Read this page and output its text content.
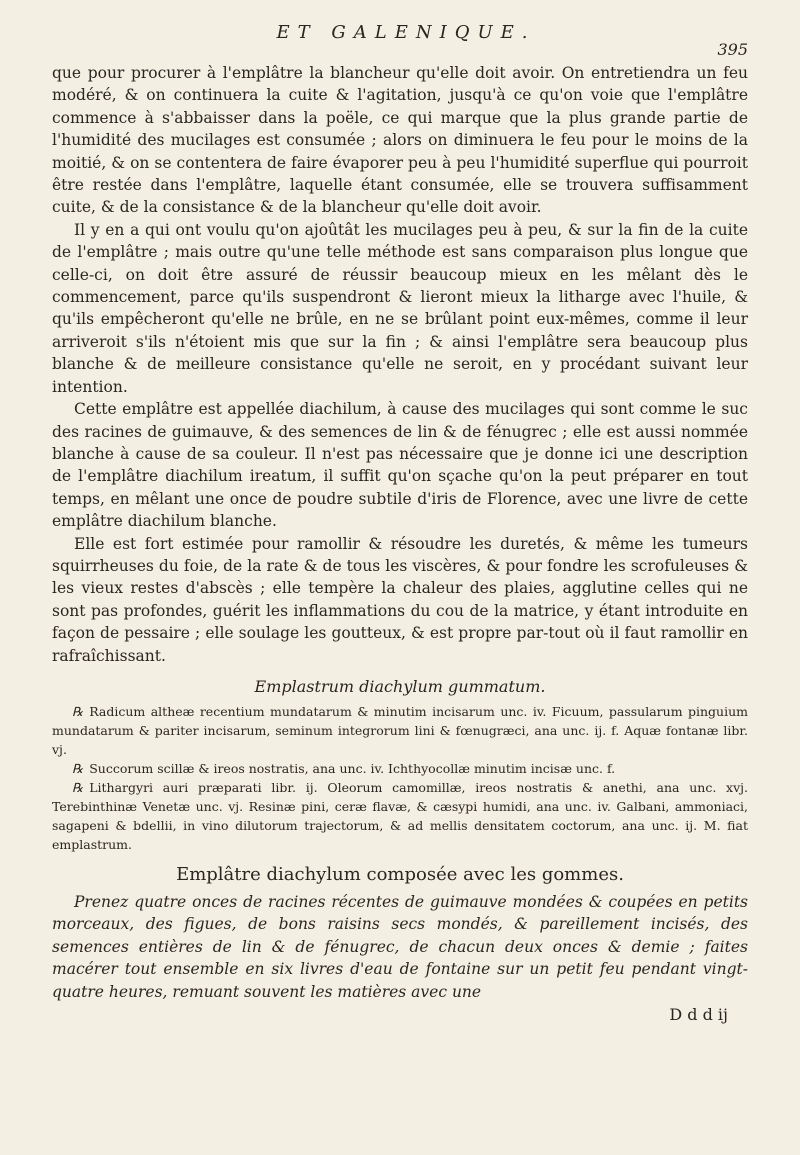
ET GALENIQUE.
395

que pour procurer à l'emplâtre la blancheur qu'elle doit avoir. On entretiendra un feu modéré, & on continuera la cuite & l'agitation, jusqu'à ce qu'on voie que l'emplâtre commence à s'abbaisser dans la poële, ce qui marque que la plus grande partie de l'humidité des mucilages est consumée ; alors on diminuera le feu pour le moins de la moitié, & on se contentera de faire évaporer peu à peu l'humidité superflue qui pourroit être restée dans l'emplâtre, laquelle étant consumée, elle se trouvera suffisamment cuite, & de la consistance & de la blancheur qu'elle doit avoir.

Il y en a qui ont voulu qu'on ajoûtât les mucilages peu à peu, & sur la fin de la cuite de l'emplâtre ; mais outre qu'une telle méthode est sans comparaison plus longue que celle-ci, on doit être assuré de réussir beaucoup mieux en les mêlant dès le commencement, parce qu'ils suspendront & lieront mieux la litharge avec l'huile, & qu'ils empêcheront qu'elle ne brûle, en ne se brûlant point eux-mêmes, comme il leur arriveroit s'ils n'étoient mis que sur la fin ; & ainsi l'emplâtre sera beaucoup plus blanche & de meilleure consistance qu'elle ne seroit, en y procédant suivant leur intention.

Cette emplâtre est appellée diachilum, à cause des mucilages qui sont comme le suc des racines de guimauve, & des semences de lin & de fénugrec ; elle est aussi nommée blanche à cause de sa couleur. Il n'est pas nécessaire que je donne ici une description de l'emplâtre diachilum ireatum, il suffit qu'on sçache qu'on la peut préparer en tout temps, en mêlant une once de poudre subtile d'iris de Florence, avec une livre de cette emplâtre diachilum blanche.

Elle est fort estimée pour ramollir & résoudre les duretés, & même les tumeurs squirrheuses du foie, de la rate & de tous les viscères, & pour fondre les scrofuleuses & les vieux restes d'abscès ; elle tempère la chaleur des plaies, agglutine celles qui ne sont pas profondes, guérit les inflammations du cou de la matrice, y étant introduite en façon de pessaire ; elle soulage les goutteux, & est propre par-tout où il faut ramollir en rafraîchissant.

Emplastrum diachylum gummatum.

℞ Radicum altheæ recentium mundatarum & minutim incisarum unc. iv. Ficuum, passularum pinguium mundatarum & pariter incisarum, seminum integrorum lini & fœnugræci, ana unc. ij. f. Aquæ fontanæ libr. vj.

℞ Succorum scillæ & ireos nostratis, ana unc. iv. Ichthyocollæ minutim incisæ unc. f.

℞ Lithargyri auri præparati libr. ij. Oleorum camomillæ, ireos nostratis & anethi, ana unc. xvj. Terebinthinæ Venetæ unc. vj. Resinæ pini, ceræ flavæ, & cæsypi humidi, ana unc. iv. Galbani, ammoniaci, sagapeni & bdellii, in vino dilutorum trajectorum, & ad mellis densitatem coctorum, ana unc. ij. M. fiat emplastrum.

Emplâtre diachylum composée avec les gommes.

Prenez quatre onces de racines récentes de guimauve mondées & coupées en petits morceaux, des figues, de bons raisins secs mondés, & pareillement incisés, des semences entières de lin & de fénugrec, de chacun deux onces & demie ; faites macérer tout ensemble en six livres d'eau de fontaine sur un petit feu pendant vingt-quatre heures, remuant souvent les matières avec une

D d d ij
